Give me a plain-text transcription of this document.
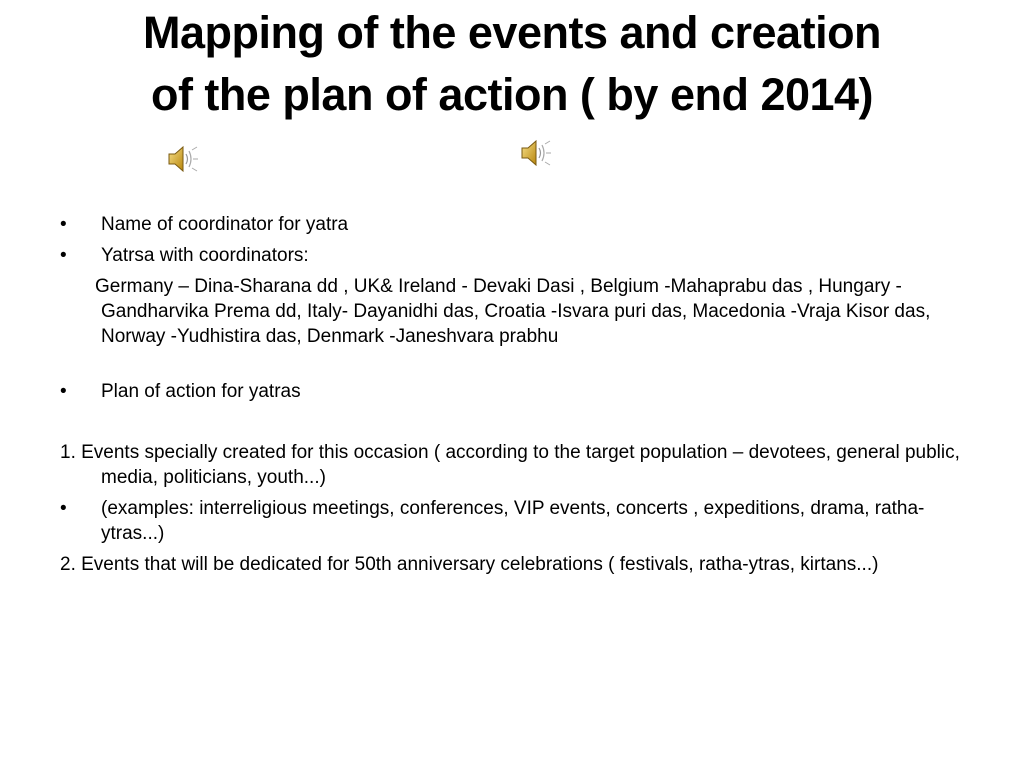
Mapping of the events and creation
of the plan of action ( by end 2014)
• Name of coordinator for yatra
• Yatrsa with coordinators:
Germany – Dina-Sharana dd , UK& Ireland - Devaki Dasi , Belgium -Mahaprabu das , Hungary -Gandharvika Prema dd, Italy- Dayanidhi das, Croatia -Isvara puri das, Macedonia -Vraja Kisor das, Norway -Yudhistira das, Denmark -Janeshvara prabhu
• Plan of action for yatras
1. Events specially created for this occasion ( according to the target population – devotees, general public, media, politicians, youth...)
• (examples: interreligious meetings, conferences, VIP events, concerts , expeditions, drama, ratha-ytras...)
2. Events that will be dedicated for 50th anniversary celebrations ( festivals, ratha-ytras, kirtans...)
